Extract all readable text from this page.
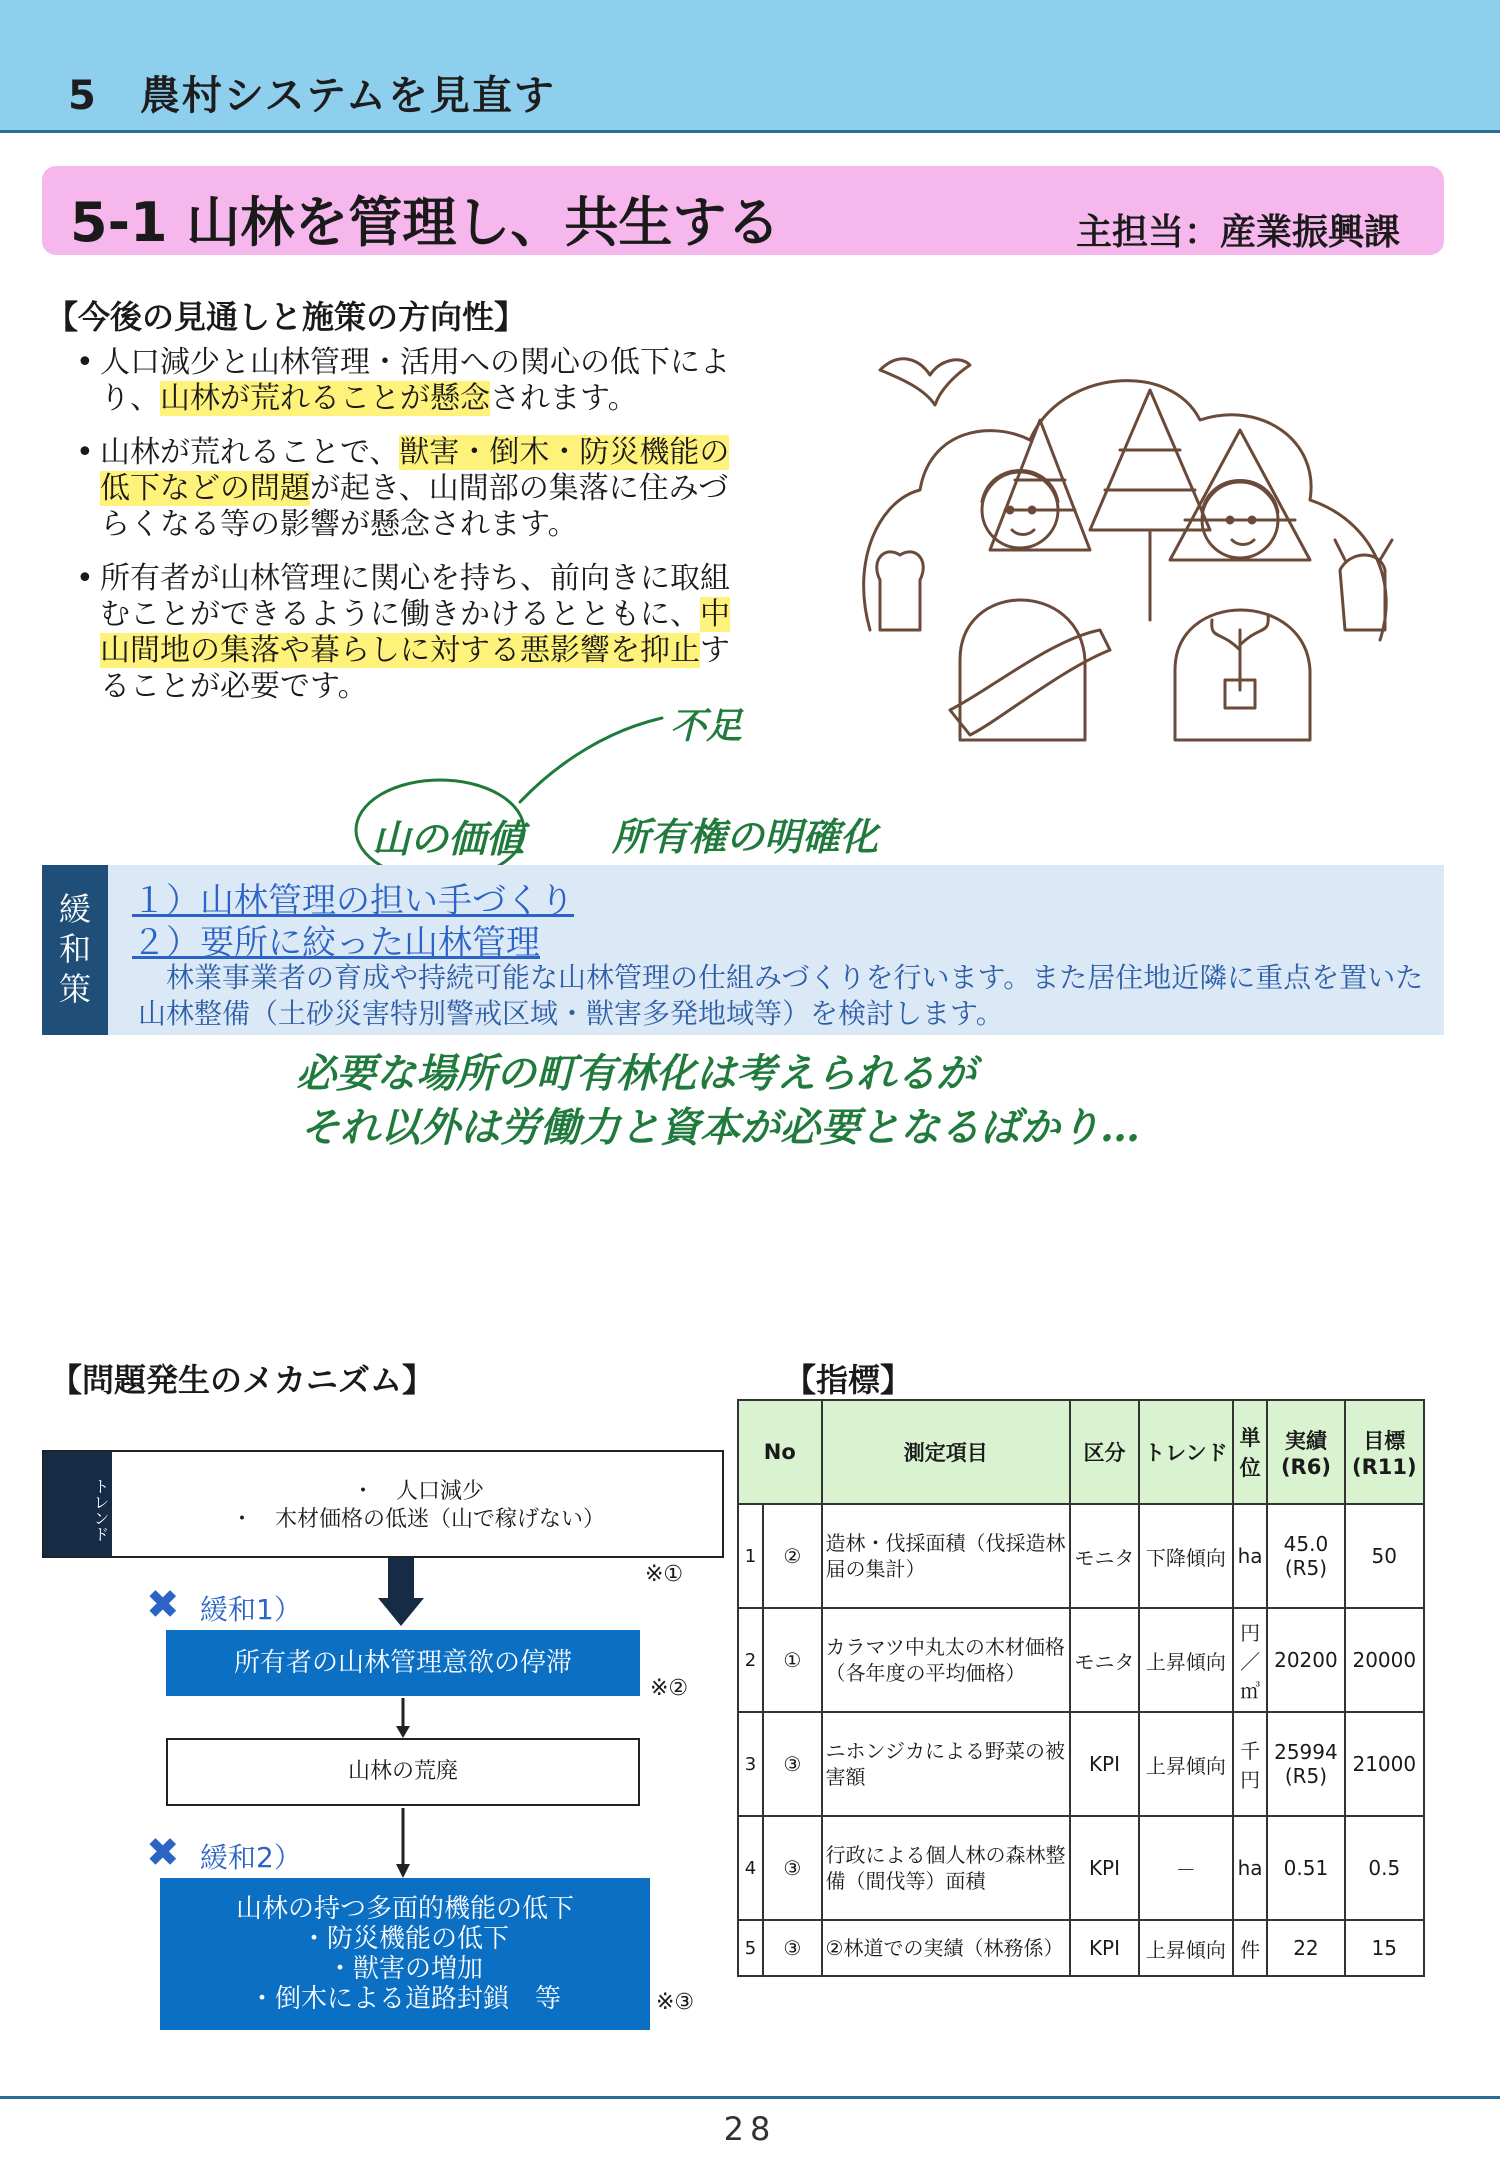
5　農村システムを見直す
5-1 山林を管理し、共生する	主担当：産業振興課
【今後の見通しと施策の方向性】
• 人口減少と山林管理・活用への関心の低下により、山林が荒れることが懸念されます。
• 山林が荒れることで、獣害・倒木・防災機能の低下などの問題が起き、山間部の集落に住みづらくなる等の影響が懸念されます。
• 所有者が山林管理に関心を持ち、前向きに取組むことができるように働きかけるとともに、中山間地の集落や暮らしに対する悪影響を抑止することが必要です。
不足
山の価値 所有権の明確化
必要な場所の町有林化は考えられるが
それ以外は労働力と資本が必要となるばかり…
緩
和
策
１）山林管理の担い手づくり
２）要所に絞った山林管理
林業事業者の育成や持続可能な山林管理の仕組みづくりを行います。また居住地近隣に重点を置いた山林整備（土砂災害特別警戒区域・獣害多発地域等）を検討します。
【問題発生のメカニズム】
トレンド	・　人口減少
・　木材価格の低迷（山で稼げない）
※①
✖ 緩和1）
所有者の山林管理意欲の停滞
※②
山林の荒廃
✖ 緩和2）
山林の持つ多面的機能の低下
・防災機能の低下
・獣害の増加
・倒木による道路封鎖　等	※③
【指標】
No		測定項目	区分	トレンド	単位	実績(R6)	目標(R11)
1	②	造林・伐採面積（伐採造林届の集計）	モニタ	下降傾向	ha	45.0 (R5)	50
2	①	カラマツ中丸太の木材価格（各年度の平均価格）	モニタ	上昇傾向	円／㎥	20200	20000
3	③	ニホンジカによる野菜の被害額	KPI	上昇傾向	千円	25994 (R5)	21000
4	③	行政による個人林の森林整備（間伐等）面積	KPI	－	ha	0.51	0.5
5	③	②林道での実績（林務係）	KPI	上昇傾向	件	22	15
28
